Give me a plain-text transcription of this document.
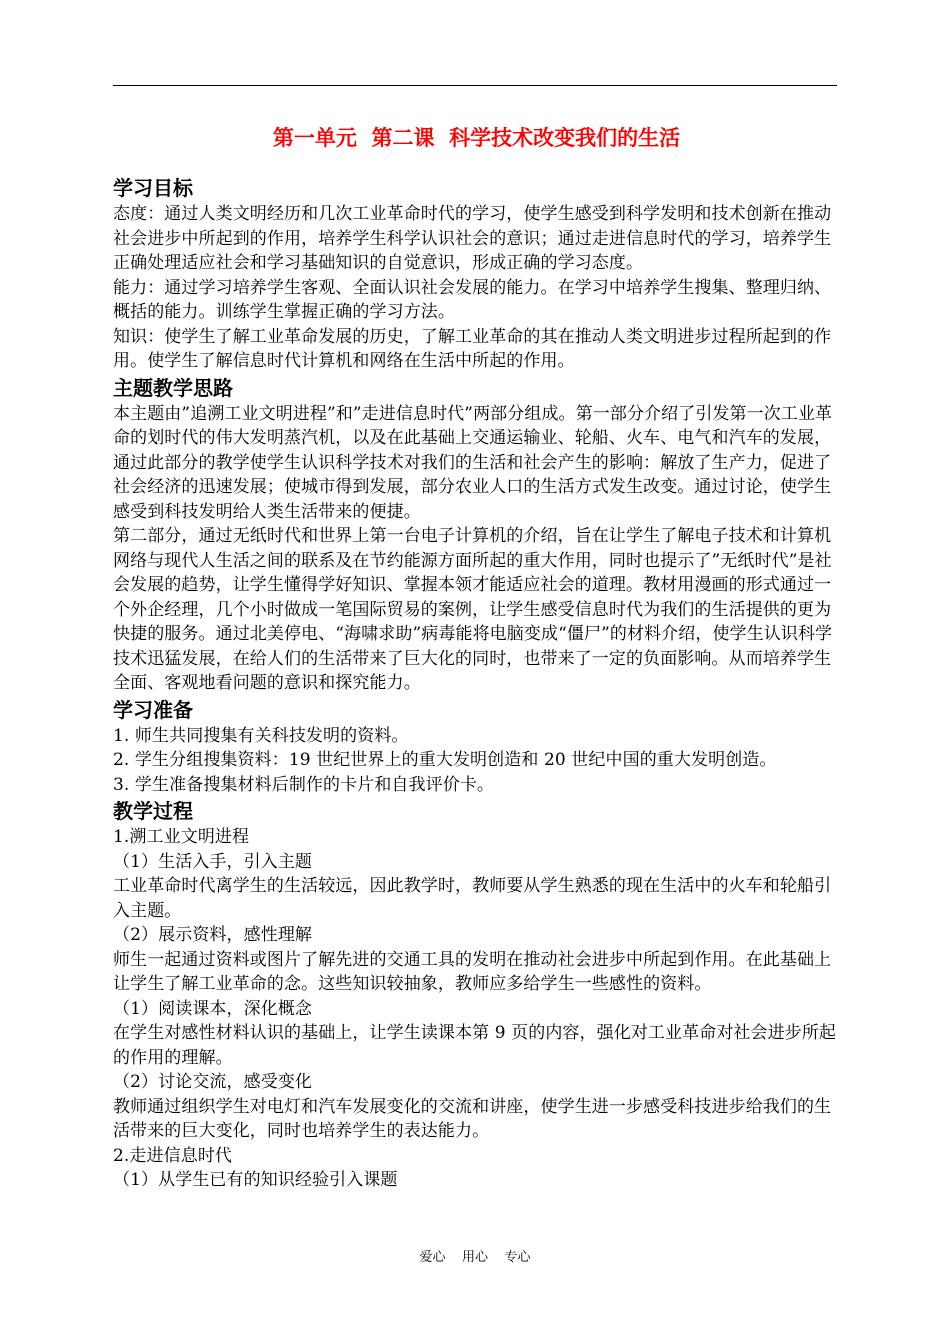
第一单元  第二课  科学技术改变我们的生活
学习目标

态度：通过人类文明经历和几次工业革命时代的学习，使学生感受到科学发明和技术创新在推动社会进步中所起到的作用，培养学生科学认识社会的意识；通过走进信息时代的学习，培养学生正确处理适应社会和学习基础知识的自觉意识，形成正确的学习态度。

能力：通过学习培养学生客观、全面认识社会发展的能力。在学习中培养学生搜集、整理归纳、概括的能力。训练学生掌握正确的学习方法。

知识：使学生了解工业革命发展的历史，了解工业革命的其在推动人类文明进步过程所起到的作用。使学生了解信息时代计算机和网络在生活中所起的作用。

主题教学思路

本主题由”追溯工业文明进程”和”走进信息时代”两部分组成。第一部分介绍了引发第一次工业革命的划时代的伟大发明蒸汽机，以及在此基础上交通运输业、轮船、火车、电气和汽车的发展，通过此部分的教学使学生认识科学技术对我们的生活和社会产生的影响：解放了生产力，促进了社会经济的迅速发展；使城市得到发展，部分农业人口的生活方式发生改变。通过讨论，使学生感受到科技发明给人类生活带来的便捷。

第二部分，通过无纸时代和世界上第一台电子计算机的介绍，旨在让学生了解电子技术和计算机网络与现代人生活之间的联系及在节约能源方面所起的重大作用，同时也提示了”无纸时代”是社会发展的趋势，让学生懂得学好知识、掌握本领才能适应社会的道理。教材用漫画的形式通过一个外企经理，几个小时做成一笔国际贸易的案例，让学生感受信息时代为我们的生活提供的更为快捷的服务。通过北美停电、“海啸求助”病毒能将电脑变成“僵尸”的材料介绍，使学生认识科学技术迅猛发展，在给人们的生活带来了巨大化的同时，也带来了一定的负面影响。从而培养学生全面、客观地看问题的意识和探究能力。

学习准备

1. 师生共同搜集有关科技发明的资料。

2. 学生分组搜集资料：19 世纪世界上的重大发明创造和 20 世纪中国的重大发明创造。

3. 学生准备搜集材料后制作的卡片和自我评价卡。

教学过程

1.溯工业文明进程

（1）生活入手，引入主题

工业革命时代离学生的生活较远，因此教学时，教师要从学生熟悉的现在生活中的火车和轮船引入主题。

（2）展示资料，感性理解

师生一起通过资料或图片了解先进的交通工具的发明在推动社会进步中所起到作用。在此基础上让学生了解工业革命的念。这些知识较抽象，教师应多给学生一些感性的资料。

（1）阅读课本，深化概念

在学生对感性材料认识的基础上，让学生读课本第 9 页的内容，强化对工业革命对社会进步所起的作用的理解。

（2）讨论交流，感受变化

教师通过组织学生对电灯和汽车发展变化的交流和讲座，使学生进一步感受科技进步给我们的生活带来的巨大变化，同时也培养学生的表达能力。

2.走进信息时代

（1）从学生已有的知识经验引入课题

爱心    用心    专心
